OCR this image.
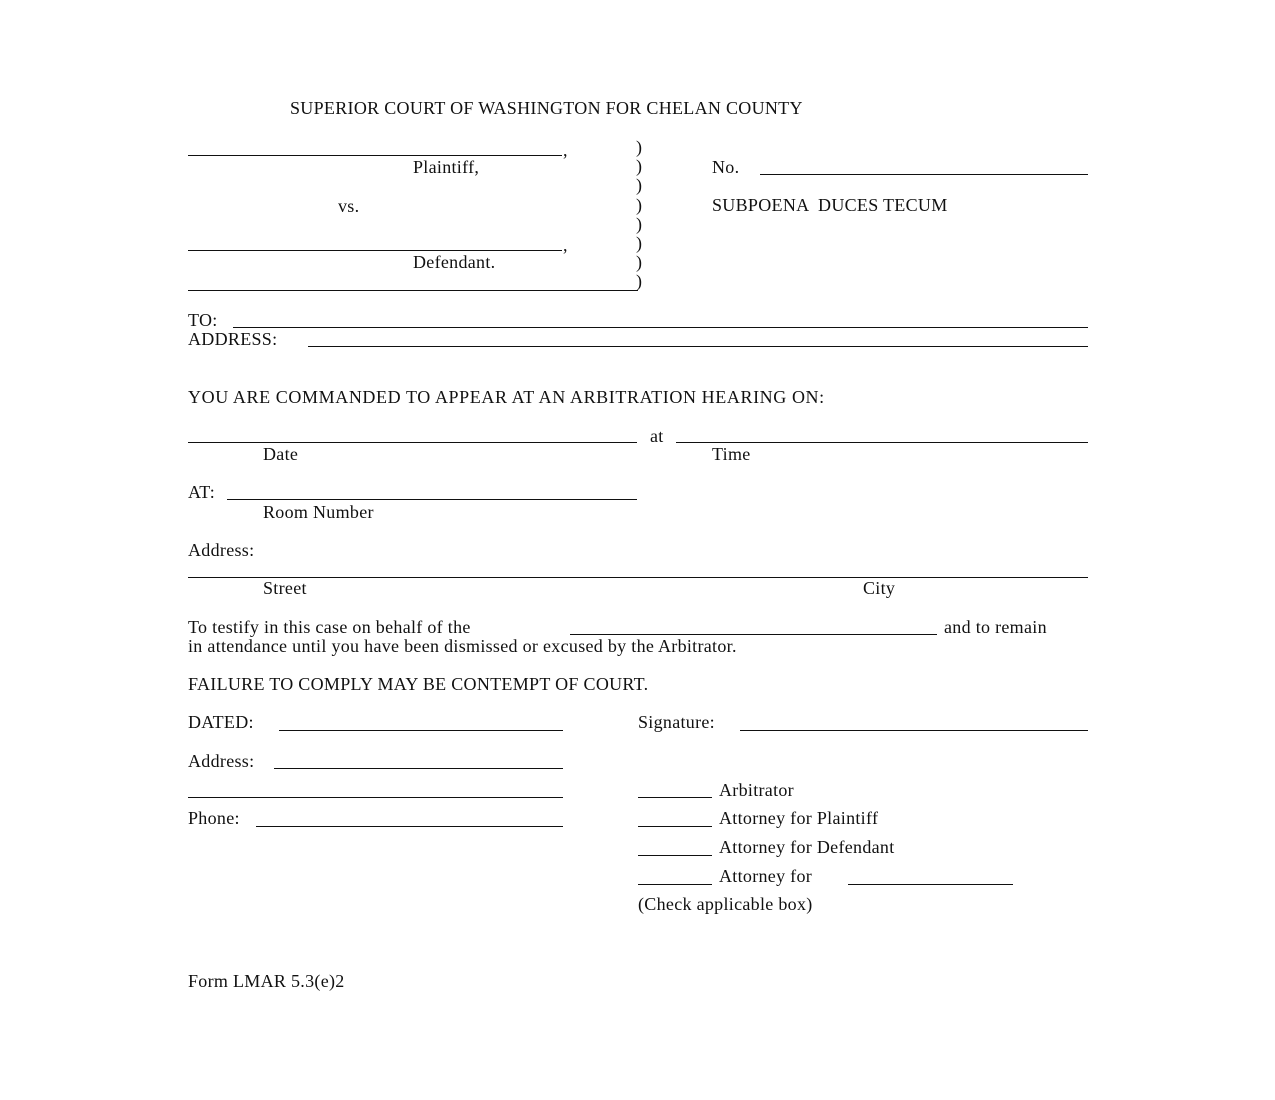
SUPERIOR COURT OF WASHINGTON FOR CHELAN COUNTY
,
Plaintiff,
vs.
,
Defendant.
)
)
)
)
)
)
)
)
No.
SUBPOENA  DUCES TECUM
TO:
ADDRESS:
YOU ARE COMMANDED TO APPEAR AT AN ARBITRATION HEARING ON:
at
Date	Time
AT:
Room Number
Address:
Street	City
To testify in this case on behalf of the	and to remain
in attendance until you have been dismissed or excused by the Arbitrator.
FAILURE TO COMPLY MAY BE CONTEMPT OF COURT.
DATED:
Address:
Phone:
Signature:
Arbitrator
Attorney for Plaintiff
Attorney for Defendant
Attorney for
(Check applicable box)
Form LMAR 5.3(e)2
